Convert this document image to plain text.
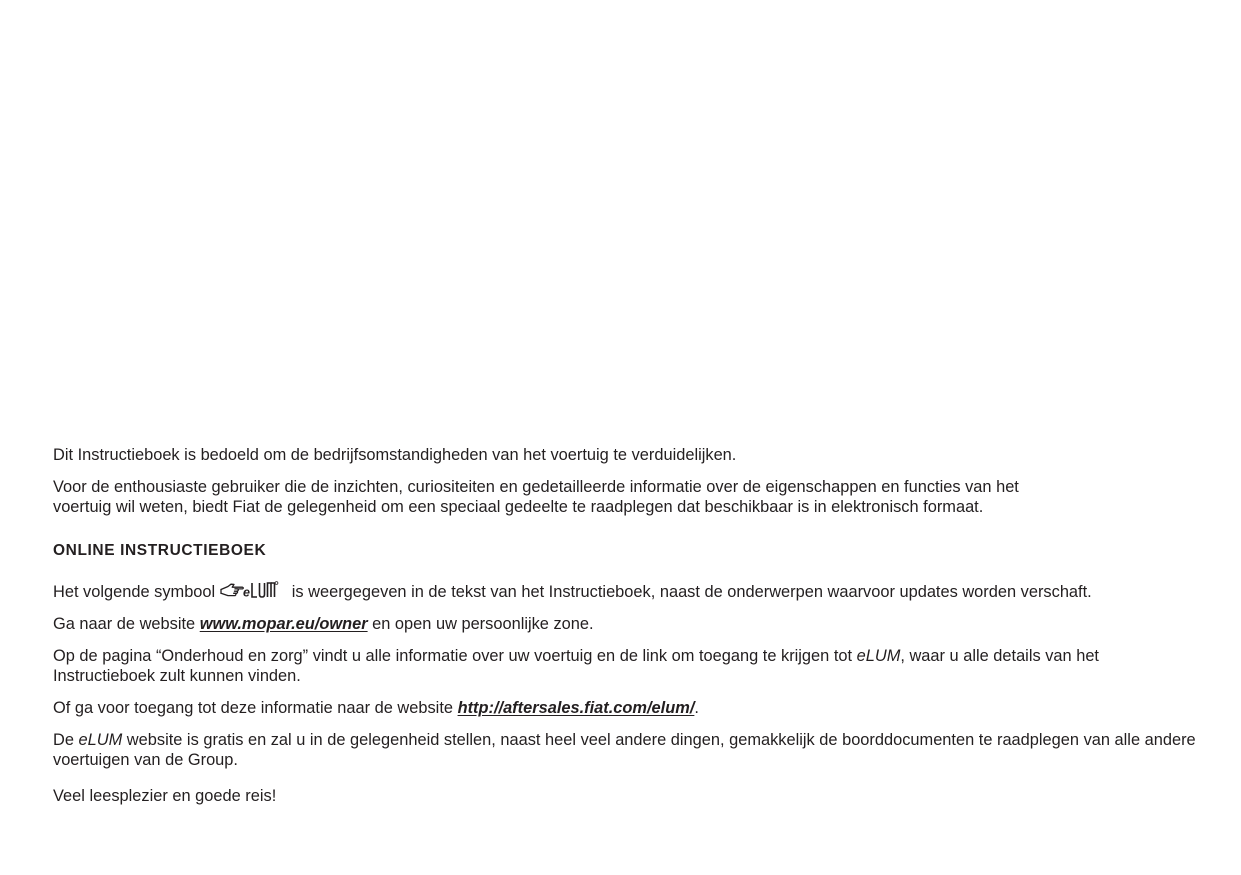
Dit Instructieboek is bedoeld om de bedrijfsomstandigheden van het voertuig te verduidelijken.

Voor de enthousiaste gebruiker die de inzichten, curiositeiten en gedetailleerde informatie over de eigenschappen en functies van het
voertuig wil weten, biedt Fiat de gelegenheid om een speciaal gedeelte te raadplegen dat beschikbaar is in elektronisch formaat.

ONLINE INSTRUCTIEBOEK

Het volgende symbool e is weergegeven in de tekst van het Instructieboek, naast de onderwerpen waarvoor updates worden verschaft.

Ga naar de website www.mopar.eu/owner en open uw persoonlijke zone.

Op de pagina “Onderhoud en zorg” vindt u alle informatie over uw voertuig en de link om toegang te krijgen tot eLUM, waar u alle details van het
Instructieboek zult kunnen vinden.

Of ga voor toegang tot deze informatie naar de website http://aftersales.fiat.com/elum/.

De eLUM website is gratis en zal u in de gelegenheid stellen, naast heel veel andere dingen, gemakkelijk de boorddocumenten te raadplegen van alle andere
voertuigen van de Group.

Veel leesplezier en goede reis!
